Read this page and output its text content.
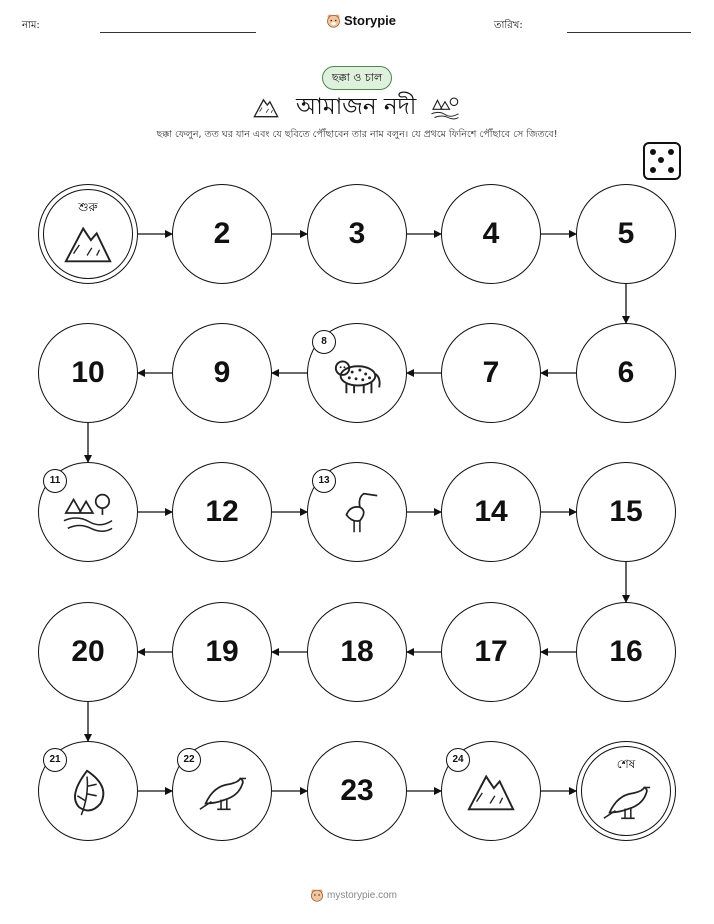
নাম:	Storypie	তারিখ:
ছক্কা ও চাল
আমাজন নদী
ছক্কা ফেলুন, তত ঘর যান এবং যে ছবিতে পৌঁছাবেন তার নাম বলুন। যে প্রথমে ফিনিশে পৌঁছাবে সে জিতবে!
শুরু
2	3	4	5
6
7
8
9
10
11
12
13
14	15
16
17
18
19
20
21	22
23
24	শেষ
mystorypie.com
